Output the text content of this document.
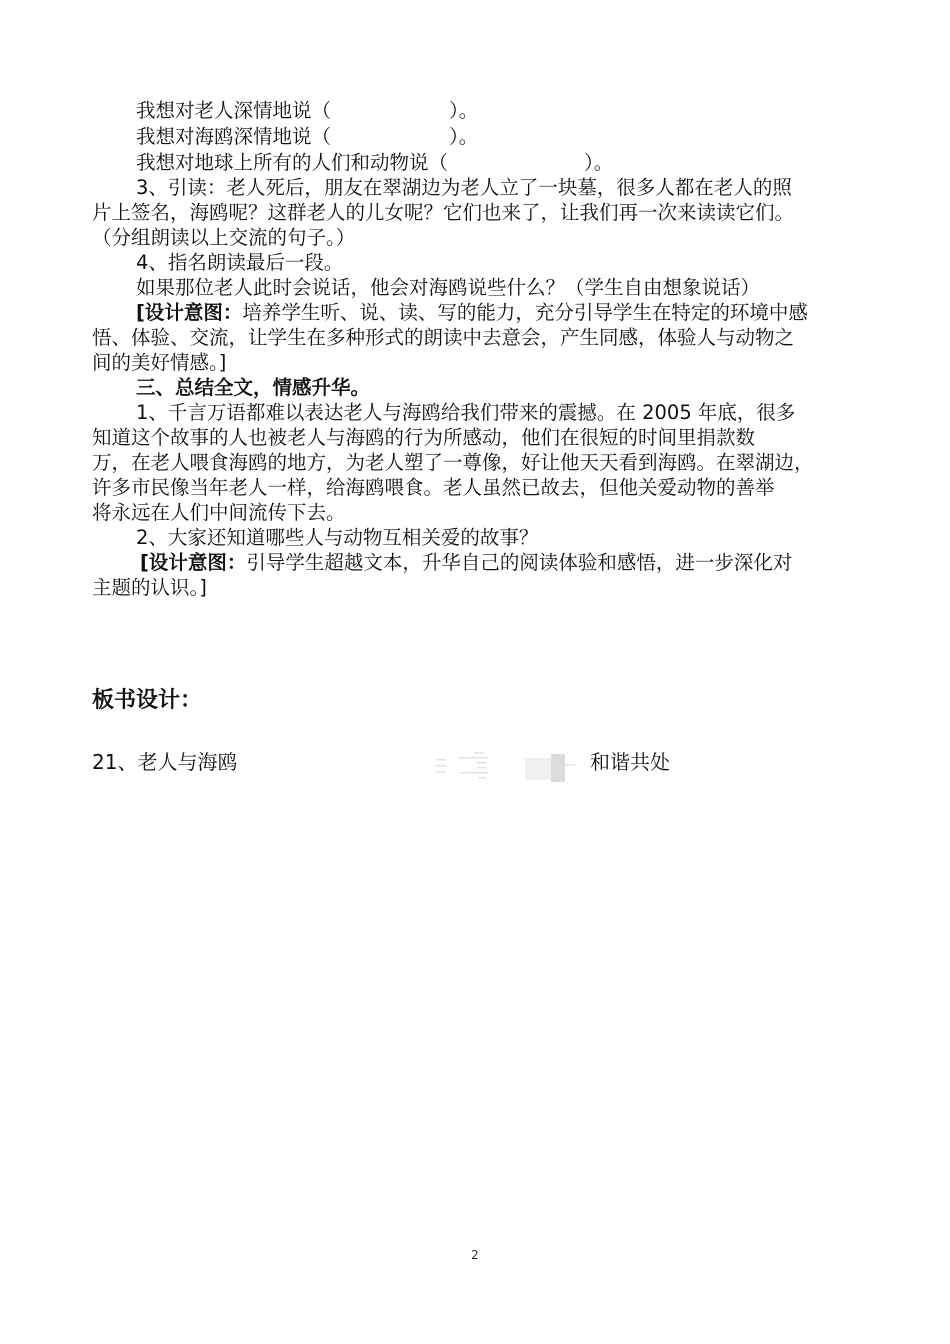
我想对老人深情地说（	）。
我想对海鸥深情地说（	）。
我想对地球上所有的人们和动物说（	）。
3、引读：老人死后，朋友在翠湖边为老人立了一块墓，很多人都在老人的照
片上签名，海鸥呢？这群老人的儿女呢？它们也来了，让我们再一次来读读它们。
（分组朗读以上交流的句子。）
4、指名朗读最后一段。
如果那位老人此时会说话，他会对海鸥说些什么？（学生自由想象说话）
[设计意图：培养学生听、说、读、写的能力，充分引导学生在特定的环境中感
悟、体验、交流，让学生在多种形式的朗读中去意会，产生同感，体验人与动物之
间的美好情感。]
三、总结全文，情感升华。
1、千言万语都难以表达老人与海鸥给我们带来的震撼。在 2005 年底，很多
知道这个故事的人也被老人与海鸥的行为所感动，他们在很短的时间里捐款数
万，在老人喂食海鸥的地方，为老人塑了一尊像，好让他天天看到海鸥。在翠湖边，
许多市民像当年老人一样，给海鸥喂食。老人虽然已故去，但他关爱动物的善举
将永远在人们中间流传下去。
2、大家还知道哪些人与动物互相关爱的故事？
[设计意图：引导学生超越文本，升华自己的阅读体验和感悟，进一步深化对
主题的认识。]
板书设计：
21、老人与海鸥	和谐共处
2
